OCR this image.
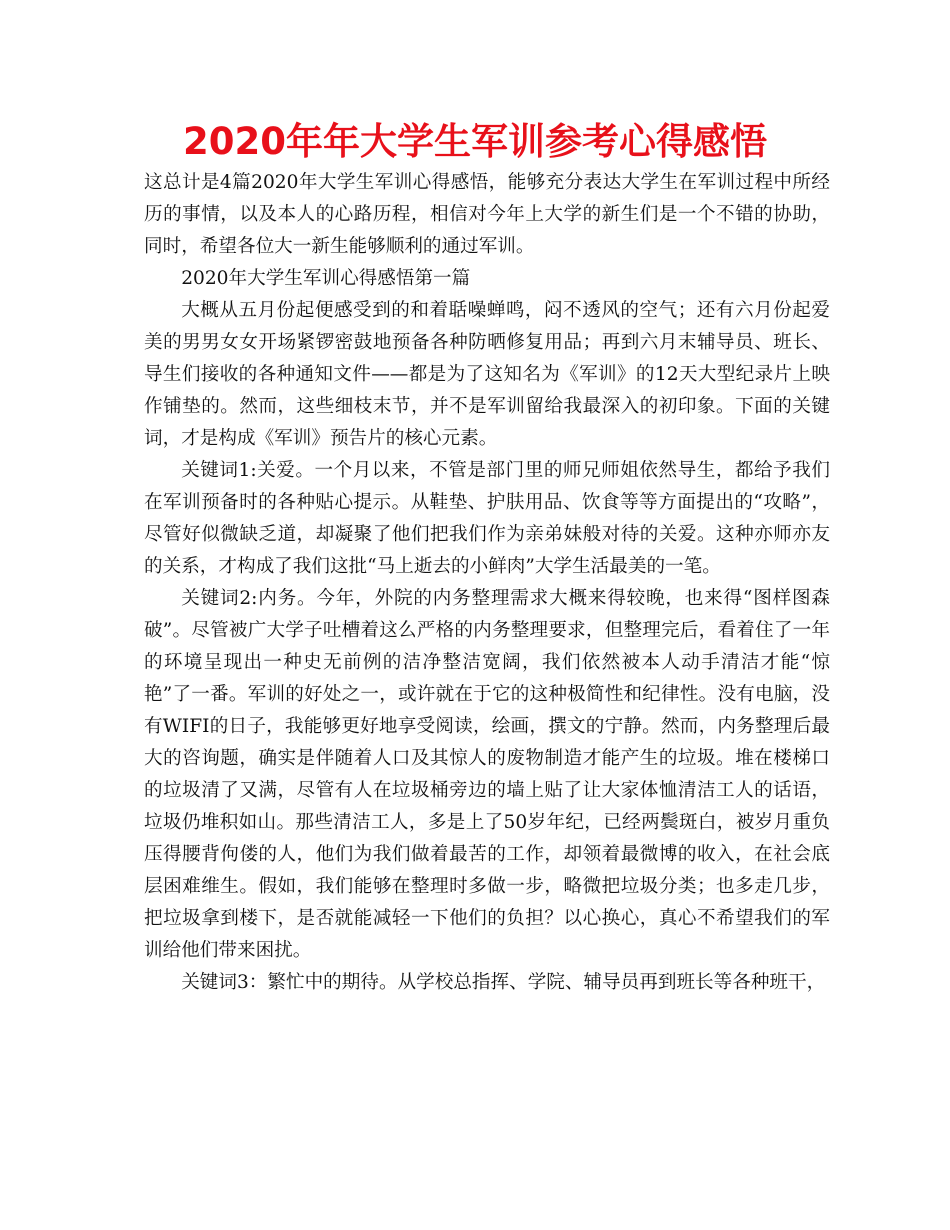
2020年年大学生军训参考心得感悟

这总计是4篇2020年大学生军训心得感悟，能够充分表达大学生在军训过程中所经历的事情，以及本人的心路历程，相信对今年上大学的新生们是一个不错的协助，同时，希望各位大一新生能够顺利的通过军训。

2020年大学生军训心得感悟第一篇

大概从五月份起便感受到的和着聒噪蝉鸣，闷不透风的空气；还有六月份起爱美的男男女女开场紧锣密鼓地预备各种防晒修复用品；再到六月末辅导员、班长、导生们接收的各种通知文件——都是为了这知名为《军训》的12天大型纪录片上映作铺垫的。然而，这些细枝末节，并不是军训留给我最深入的初印象。下面的关键词，才是构成《军训》预告片的核心元素。

关键词1:关爱。一个月以来，不管是部门里的师兄师姐依然导生，都给予我们在军训预备时的各种贴心提示。从鞋垫、护肤用品、饮食等等方面提出的“攻略”，尽管好似微缺乏道，却凝聚了他们把我们作为亲弟妹般对待的关爱。这种亦师亦友的关系，才构成了我们这批“马上逝去的小鲜肉”大学生活最美的一笔。

关键词2:内务。今年，外院的内务整理需求大概来得较晚，也来得“图样图森破”。尽管被广大学子吐槽着这么严格的内务整理要求，但整理完后，看着住了一年的环境呈现出一种史无前例的洁净整洁宽阔，我们依然被本人动手清洁才能“惊艳”了一番。军训的好处之一，或许就在于它的这种极简性和纪律性。没有电脑，没有WIFI的日子，我能够更好地享受阅读，绘画，撰文的宁静。然而，内务整理后最大的咨询题，确实是伴随着人口及其惊人的废物制造才能产生的垃圾。堆在楼梯口的垃圾清了又满，尽管有人在垃圾桶旁边的墙上贴了让大家体恤清洁工人的话语，垃圾仍堆积如山。那些清洁工人，多是上了50岁年纪，已经两鬓斑白，被岁月重负压得腰背佝偻的人，他们为我们做着最苦的工作，却领着最微博的收入，在社会底层困难维生。假如，我们能够在整理时多做一步，略微把垃圾分类；也多走几步，把垃圾拿到楼下，是否就能减轻一下他们的负担？以心换心，真心不希望我们的军训给他们带来困扰。

关键词3：繁忙中的期待。从学校总指挥、学院、辅导员再到班长等各种班干，
